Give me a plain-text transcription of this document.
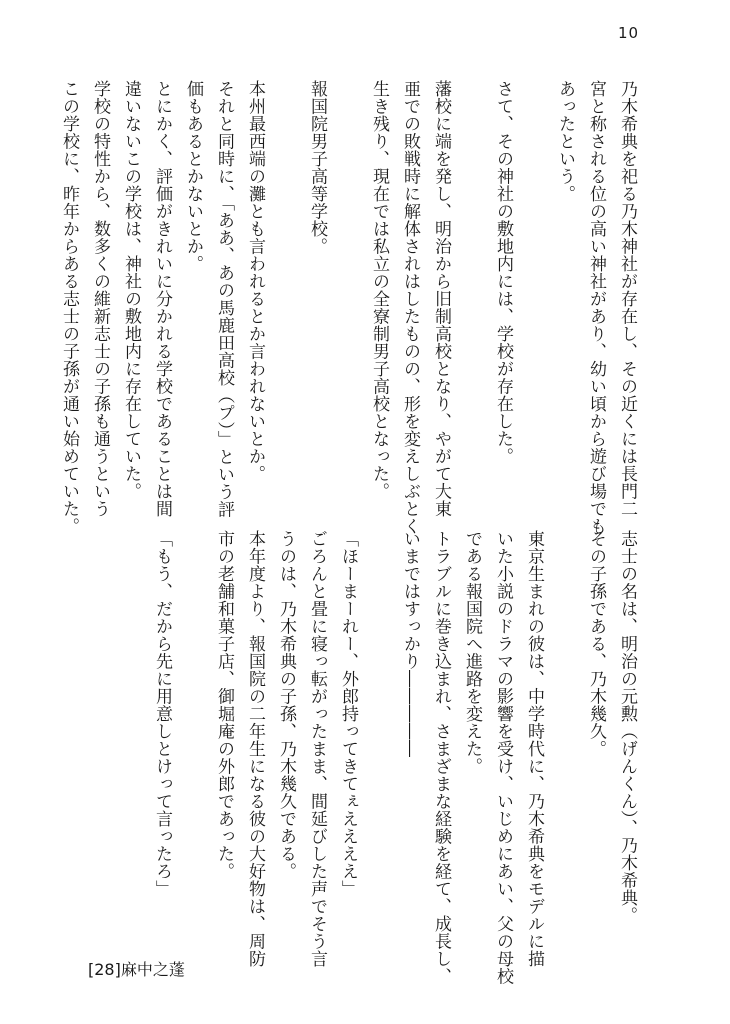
10
乃木希典を祀る乃木神社が存在し、その近くには長門二
宮と称される位の高い神社があり、幼い頃から遊び場でも
あったという。
さて、その神社の敷地内には、学校が存在した。
藩校に端を発し、明治から旧制高校となり、やがて大東
亜での敗戦時に解体されはしたものの、形を変えしぶとく
生き残り、現在では私立の全寮制男子高校となった。
報国院男子高等学校。
本州最西端の灘とも言われるとか言われないとか。
それと同時に、「ああ、あの馬鹿田高校（プ）」という評
価もあるとかないとか。
とにかく、評価がきれいに分かれる学校であることは間
違いないこの学校は、神社の敷地内に存在していた。
学校の特性から、数多くの維新志士の子孫も通うという
この学校に、昨年からある志士の子孫が通い始めていた。
志士の名は、明治の元勲（げんくん）、乃木希典。
その子孫である、乃木幾久。
東京生まれの彼は、中学時代に、乃木希典をモデルに描
いた小説のドラマの影響を受け、いじめにあい、父の母校
である報国院へ進路を変えた。
トラブルに巻き込まれ、さまざまな経験を経て、成長し、
いまではすっかり―――――
「ほーまーれー、外郎持ってきてぇええええ」
ごろんと畳に寝っ転がったまま、間延びした声でそう言
うのは、乃木希典の子孫、乃木幾久である。
本年度より、報国院の二年生になる彼の大好物は、周防
市の老舗和菓子店、御堀庵の外郎であった。
「もう、だから先に用意しとけって言ったろ」
[28]麻中之蓬
